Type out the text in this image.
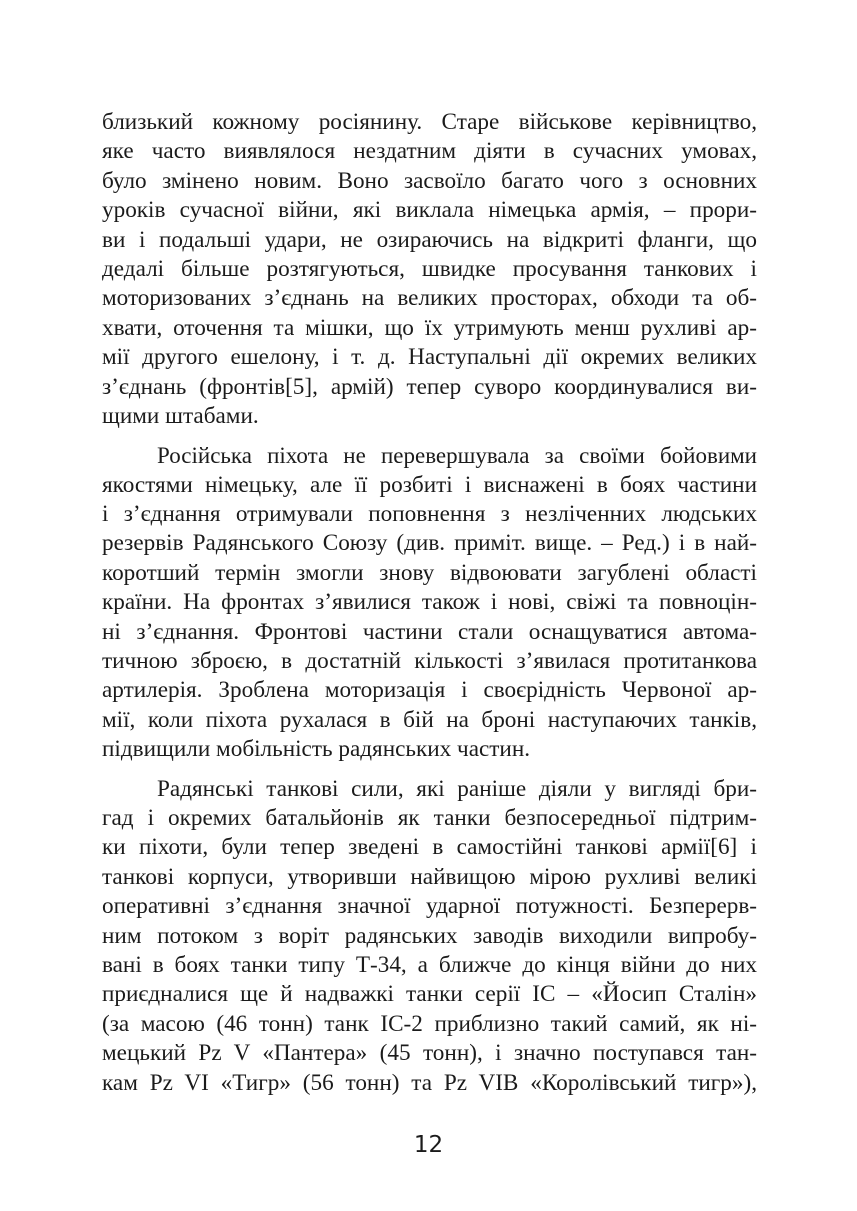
близький кожному росіянину. Старе військове керівництво,
яке часто виявлялося нездатним діяти в сучасних умовах,
було змінено новим. Воно засвоїло багато чого з основних
уроків сучасної війни, які виклала німецька армія, – прори-
ви і подальші удари, не озираючись на відкриті фланги, що
дедалі більше розтягуються, швидке просування танкових і
моторизованих з’єднань на великих просторах, обходи та об-
хвати, оточення та мішки, що їх утримують менш рухливі ар-
мії другого ешелону, і т. д. Наступальні дії окремих великих
з’єднань (фронтів[5], армій) тепер суворо координувалися ви-
щими штабами.
Російська піхота не перевершувала за своїми бойовими
якостями німецьку, але її розбиті і виснажені в боях частини
і з’єднання отримували поповнення з незліченних людських
резервів Радянського Союзу (див. приміт. вище. – Ред.) і в най-
коротший термін змогли знову відвоювати загублені області
країни. На фронтах з’явилися також і нові, свіжі та повноцін-
ні з’єднання. Фронтові частини стали оснащуватися автома-
тичною зброєю, в достатній кількості з’явилася протитанкова
артилерія. Зроблена моторизація і своєрідність Червоної ар-
мії, коли піхота рухалася в бій на броні наступаючих танків,
підвищили мобільність радянських частин.
Радянські танкові сили, які раніше діяли у вигляді бри-
гад і окремих батальйонів як танки безпосередньої підтрим-
ки піхоти, були тепер зведені в самостійні танкові армії[6] і
танкові корпуси, утворивши найвищою мірою рухливі великі
оперативні з’єднання значної ударної потужності. Безперерв-
ним потоком з воріт радянських заводів виходили випробу-
вані в боях танки типу Т-34, а ближче до кінця війни до них
приєдналися ще й надважкі танки серії ІС – «Йосип Сталін»
(за масою (46 тонн) танк ІС-2 приблизно такий самий, як ні-
мецький Pz V «Пантера» (45 тонн), і значно поступався тан-
кам Pz VI «Тигр» (56 тонн) та Pz VIB «Королівський тигр»),
12
